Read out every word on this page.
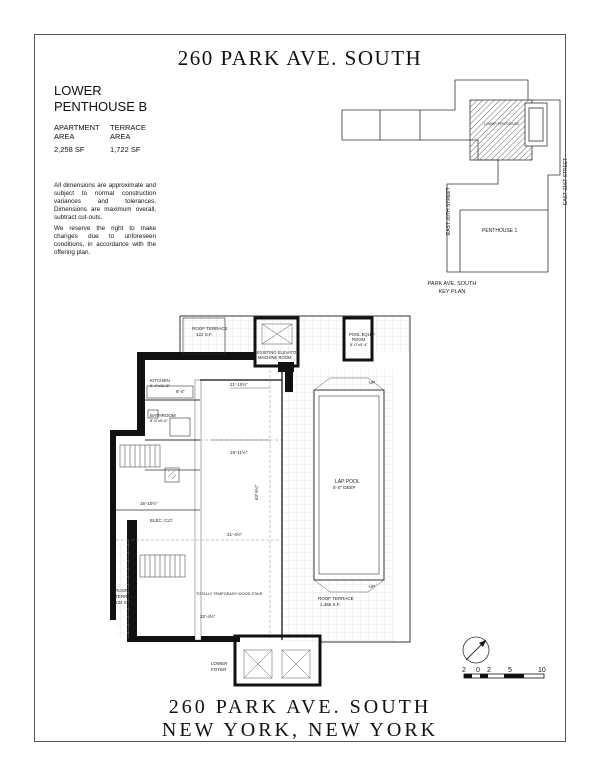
260 PARK AVE. SOUTH
LOWER
PENTHOUSE B
APARTMENT
AREA
TERRACE
AREA
2,258 SF	1,722 SF
All dimensions are approximate and subject to normal construction variances and tolerances. Dimensions are maximum overall, subtract cut-outs.
We reserve the right to make changes due to unforeseen conditions, in accordance with the offering plan.
LOWER PENTHOUSE
PENTHOUSE 1
EAST 20TH STREET
EAST 21ST STREET
PARK AVE. SOUTH
KEY PLAN
ROOF TERRACE
122 S.F.
EXISTING ELEVATOR
MACHINE ROOM
POOL EQUIP
ROOM
5'-0"x5'-4"
KITCHEN
8'-4"x11'-5"
BATHROOM
8'-6"x5'-6"
ELEC. CLT.
LAP POOL
6'-0" DEEP
ROOF TERRACE
1,466 S.F.
ROOF
TERRACE
134 S.F.
LOWER
FOYER
TOTALLY TEMPORARY WOOD STAIR
UP
UP
21'-10½"
19'-11½"
16'-10½"
21'-4½"
32'-4½"
63'-5½"
8'-4"
2 0 2 5	10
260 PARK AVE. SOUTH
NEW YORK, NEW YORK
